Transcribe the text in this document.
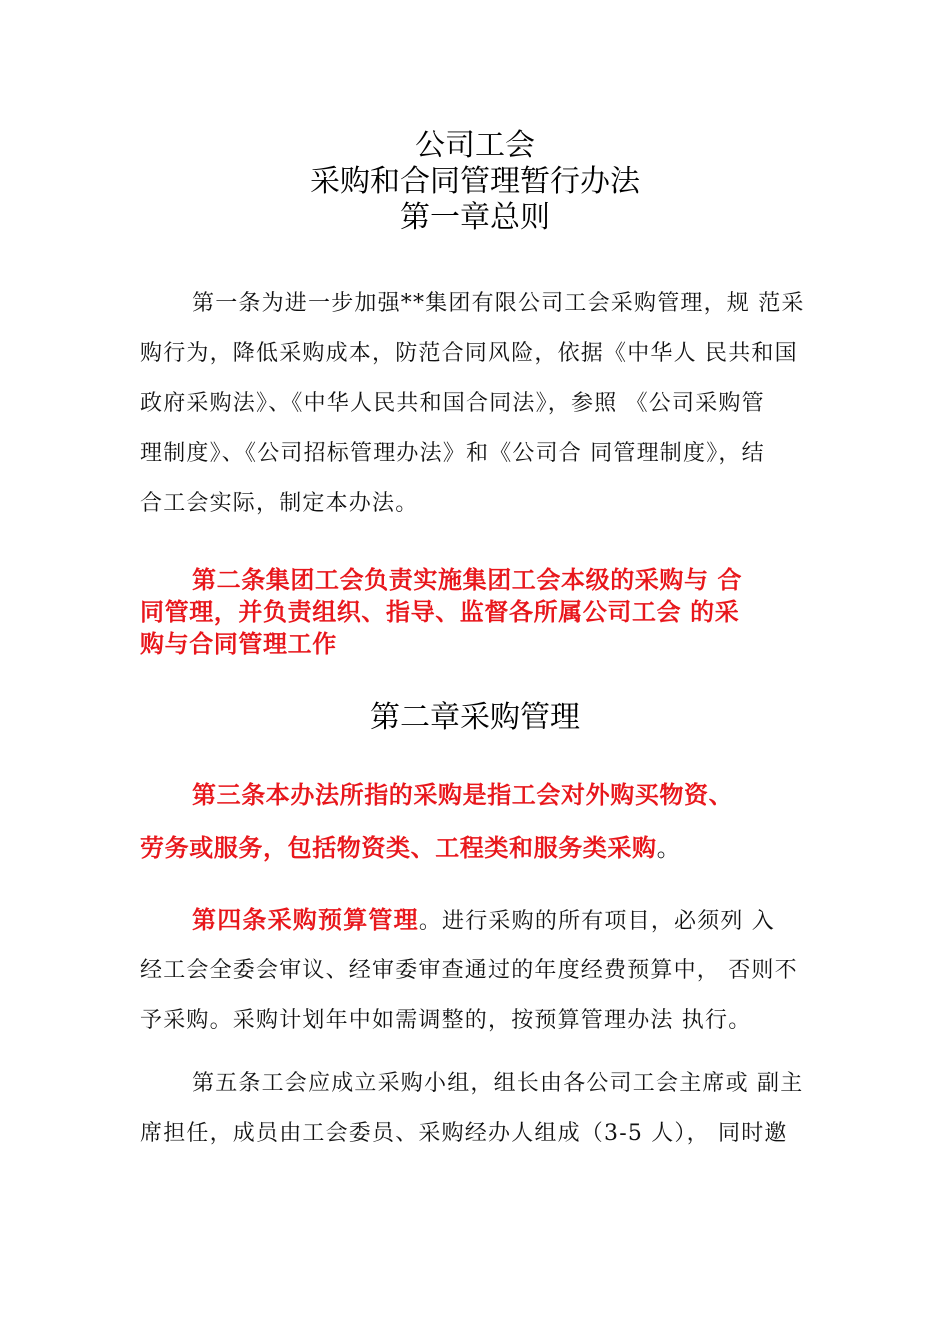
公司工会
采购和合同管理暂行办法
第一章总则
第一条为进一步加强**集团有限公司工会采购管理，规 范采
购行为，降低采购成本，防范合同风险，依据《中华人 民共和国
政府采购法》、《中华人民共和国合同法》，参照 《公司采购管
理制度》、《公司招标管理办法》和《公司合 同管理制度》，结
合工会实际，制定本办法。
第二条集团工会负责实施集团工会本级的采购与 合
同管理，并负责组织、指导、监督各所属公司工会 的采
购与合同管理工作
第二章采购管理
第三条本办法所指的采购是指工会对外购买物资、
劳务或服务，包括物资类、工程类和服务类采购。
第四条采购预算管理。进行采购的所有项目，必须列 入
经工会全委会审议、经审委审查通过的年度经费预算中， 否则不
予采购。采购计划年中如需调整的，按预算管理办法 执行。
第五条工会应成立采购小组，组长由各公司工会主席或 副主
席担任，成员由工会委员、采购经办人组成（3-5 人）， 同时邀
